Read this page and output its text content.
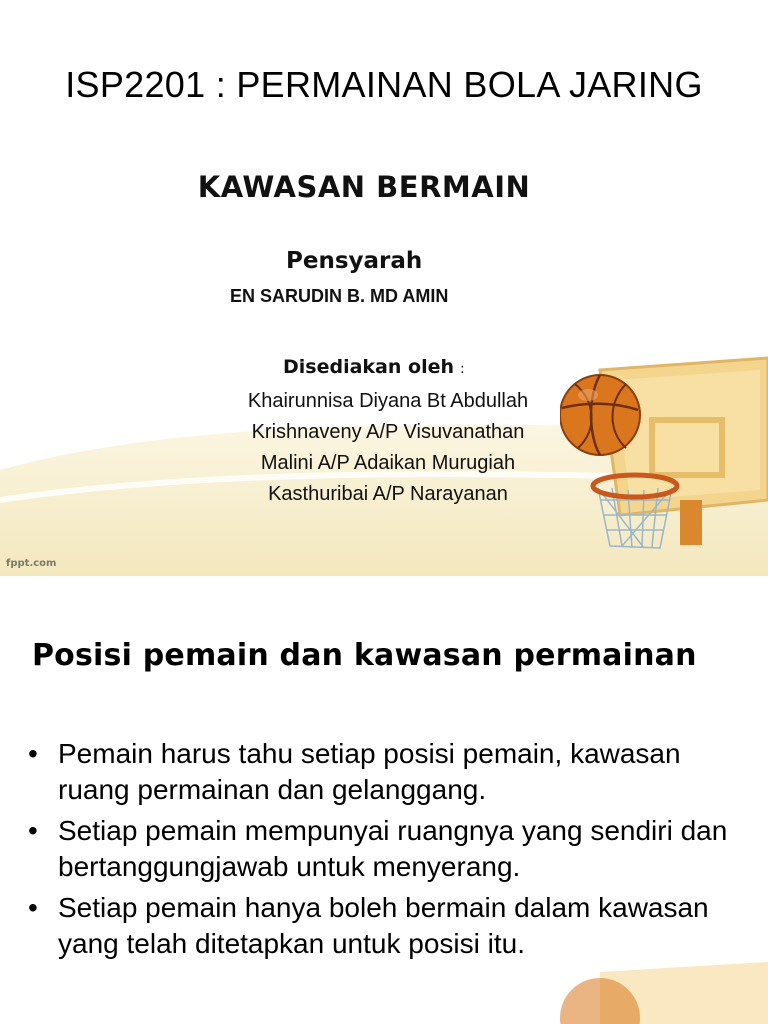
ISP2201 : PERMAINAN BOLA JARING
KAWASAN BERMAIN
Pensyarah
EN SARUDIN B. MD AMIN
Disediakan oleh :
Khairunnisa Diyana Bt Abdullah
Krishnaveny A/P Visuvanathan
Malini A/P Adaikan Murugiah
Kasthuribai A/P Narayanan
fppt.com
Posisi pemain dan kawasan permainan
• Pemain harus tahu setiap posisi pemain, kawasan ruang permainan dan gelanggang.
• Setiap pemain mempunyai ruangnya yang sendiri dan bertanggungjawab untuk menyerang.
• Setiap pemain hanya boleh bermain dalam kawasan yang telah ditetapkan untuk posisi itu.
